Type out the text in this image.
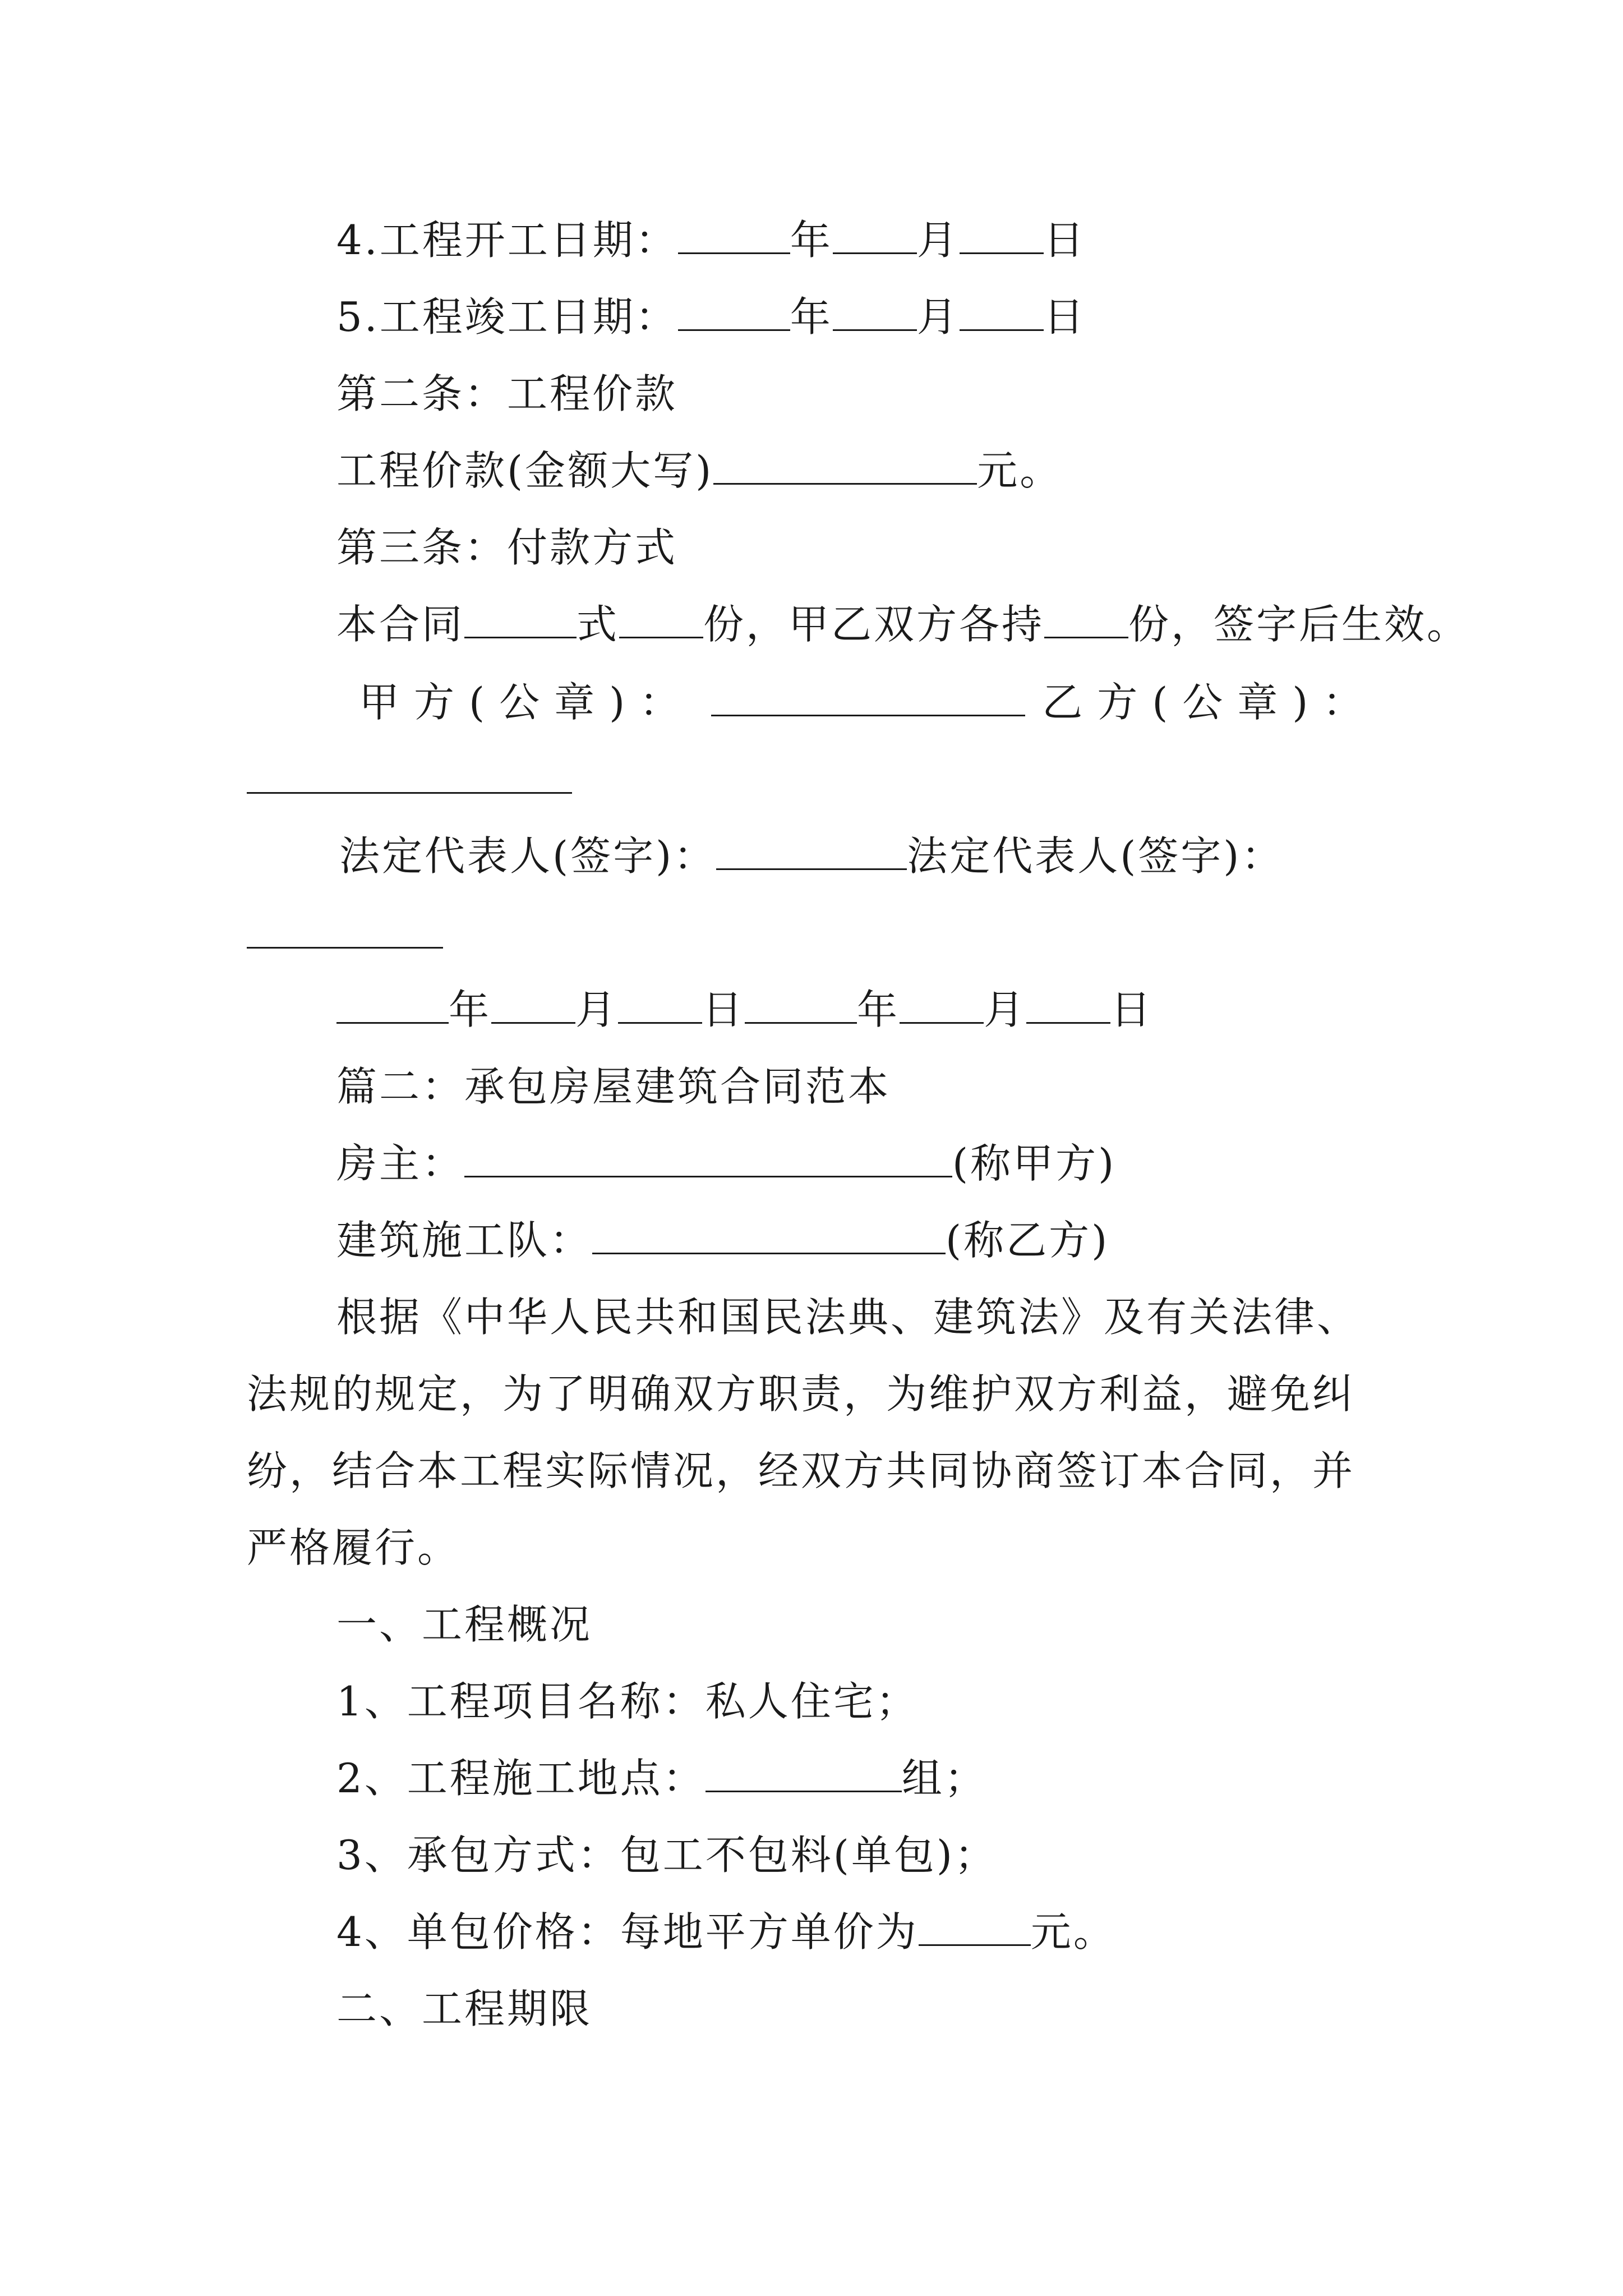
4.工程开工日期：	年 月 日
5.工程竣工日期：	年 月 日
第二条：工程价款
工程价款(金额大写)	元。
第三条：付款方式
本合同	式 份，甲乙双方各持 份，签字后生效。
甲方(公章)：	乙方(公章)：
法定代表人(签字)：	法定代表人(签字)：
年 月 日	年 月 日
篇二：承包房屋建筑合同范本
房主：	(称甲方)
建筑施工队：	(称乙方)
根据《中华人民共和国民法典、建筑法》及有关法律、
法规的规定，为了明确双方职责，为维护双方利益，避免纠
纷，结合本工程实际情况，经双方共同协商签订本合同，并
严格履行。
一、工程概况
1、工程项目名称：私人住宅；
2、工程施工地点：	组；
3、承包方式：包工不包料(单包)；
4、单包价格：每地平方单价为	元。
二、工程期限
